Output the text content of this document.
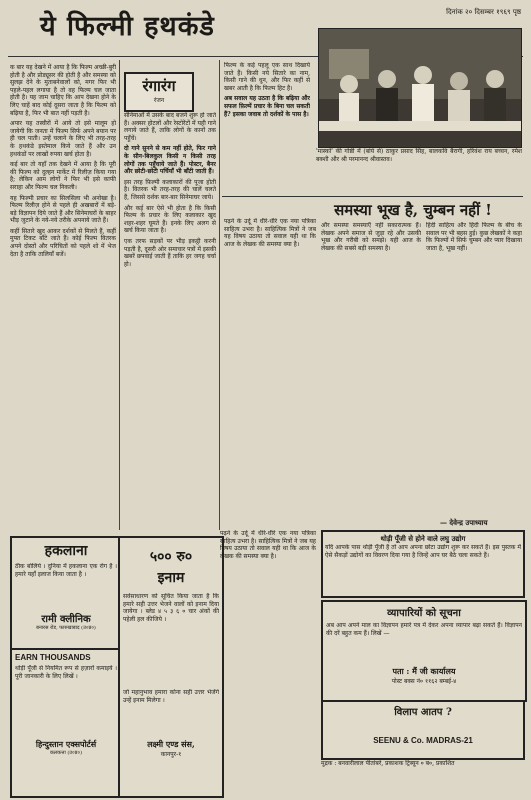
ये फिल्मी हथकंडे	दिनांक २० दिसम्बर १९६९ पृष्ठ

क बार यह देखने में आया है कि फिल्म अच्छी-बुरी होती है और प्रोड्यूसर की होती है और समस्या को सुलझ देने के मुताबनेवालों को, मगर फिर भी पहले-पहल लगाया है तो वह फिल्म चल जाता होती है। यह जाम चाहिए कि आप देखना होने के लिए चाहें बाद कोई दूसरा जाता है कि फिल्म को बढ़िया है, फिर भी बात नहीं पड़ती है।

अपार यह तस्वीरों में आये तो इसे मालूम हो जायेगी कि जनता में फिल्म सिर्फ अपने बयान पर ही चल पाती। उन्हें चलाने के लिए भी तरह-तरह के हथकंडे इस्तेमाल किये जाते हैं और उन हथकंडों पर लाखों रुपया खर्च होता है।

कई बार तो यहाँ तक देखने में आया है कि पूरी की फिल्म को दुल्हन मार्केट में रिलीज़ किया गया है; लेकिन आम लोगों ने फिर भी इसे काफी सराहा और फिल्म चल निकली।

यह फिल्मी प्रचार का सिलसिला भी अनोखा है। फिल्म रिलीज़ होने से पहले ही अखबारों में बड़े-बड़े विज्ञापन दिये जाते हैं और सिनेमाघरों के बाहर भीड़ जुटाने के नये-नये तरीके अपनाये जाते हैं।

कहीं सितारे खुद आकर दर्शकों से मिलते हैं, कहीं मुफ्त टिकट बाँटे जाते हैं। कोई फिल्म वितरक अपने दोस्तों और परिचितों को पहले शो में भेज देता है ताकि तालियाँ बजें।

रंगारंग
रंजन

सीनेमाओं में उसके बाद बजने शुरू हो जाते हैं। अक्सर होटलों और रेस्टोरेंटों में यही गाने लगाये जाते हैं, ताकि लोगों के कानों तक पहुँचें।

दो गाने सुनने से कम नहीं होते, फिर गाने के सीन-बिलकुल किसी न किसी तरह लोगों तक पहुँचाये जाते हैं। पोस्टर, बैनर और छोटी-छोटी पर्चियाँ भी बाँटी जाती हैं।

इस तरह फ़िल्मी कलाकारों की पूजा होती है। वितरक भी तरह-तरह की चालें चलते हैं, जिससे दर्शक बार-बार सिनेमाघर जाये।

और कई बार ऐसे भी होता है कि किसी फिल्म के प्रचार के लिए कलाकार खुद शहर-शहर घूमते हैं। इनके लिए अलग से खर्च किया जाता है।

एक तरफ सड़कों पर भीड़ इकट्ठी करनी पड़ती है, दूसरी ओर समाचार पत्रों में इसकी खबरें छपवाई जाती हैं ताकि हर जगह चर्चा हो।

फिल्म के कई पहलू एक साथ दिखाये जाते हैं। किसी नये सितारे का नाम, किसी गाने की धुन, और फिर कहीं से खबर आती है कि फिल्म हिट है।

अब सवाल यह उठता है कि बढ़िया और सफल फ़िल्में प्रचार के बिना चल सकती हैं? इसका जवाब तो दर्शकों के पास है।

'मास्को' की गोष्ठी में (बांये से) ठाकुर प्रसाद सिंह, बालकवि बैरागी, हरिवंश राय बच्चन, रमेश बक्शी और श्री परमानन्द श्रीवास्तव।
समस्या भूख है, चुम्बन नहीं !
पढ़ने के उर्दू में धीरे-धीरे एक नया पत्रिका साहित्य उभरा है। साहित्यिक मित्रों ने जब यह विषय उठाया तो सवाल यही था कि आज के लेखक की समस्या क्या है।
और समस्या समस्याएँ नहीं सकारात्मक हैं। लेखक अपने समाज से जुड़ा रहे और उसकी भूख और गरीबी को समझे। यही आज के लेखक की सबसे बड़ी समस्या है।
हिंदी साहित्य और हिंदी फिल्म के बीच के सवाल पर भी बहस हुई। कुछ लेखकों ने कहा कि फिल्मों में सिर्फ चुम्बन और प्यार दिखाया जाता है, भूख नहीं।
— देवेन्द्र उपाध्याय
थोड़ी पूँजी से होने वाले लघु उद्योग
यदि आपके पास थोड़ी पूँजी है तो आप अपना छोटा उद्योग शुरू कर सकते हैं। इस पुस्तक में ऐसे सैकड़ों उद्योगों का विवरण दिया गया है जिन्हें आप घर बैठे चला सकते हैं।
व्यापारियों को सूचना
अब आप अपने माल का विज्ञापन हमारे पत्र में देकर अपना व्यापार बढ़ा सकते हैं। विज्ञापन की दरें बहुत कम हैं। लिखें —
पता : मैं जी कार्यालय
पोस्ट बक्स नं० ११६२ बम्बई-४
विलाप आतप ?
SEENU & Co. MADRAS-21
मुद्रक : बनवारीलाल पीतांबरे, प्रकाशक ट्रिब्यून ० ब०, प्रकाशित
हकलाना
ठीक बोलिये । दुनिया में हकलाना एक रोग है । हमारे यहाँ इलाज किया जाता है ।
रामी क्लीनिक
बनारस रोड, फारुखाबाद (उ०प्र०)
EARN THOUSANDS
थोड़ी पूँजी से नियमित रूप से हज़ारों कमाइये । पूरी जानकारी के लिए लिखें ।
हिन्दुस्तान एक्सपोर्टर्स
कलकत्ता (उ०प्र०)
५०० रु०
इनाम
सर्वसाधारण को सूचित किया जाता है कि हमारे सही उत्तर भेजने वालों को इनाम दिया जायेगा । ब्लेड ४ ५ ३ ६ ० चार अंकों की पहेली हल कीजिये ।
जो महानुभाव हमारा कोना सही उत्तर भेजेंगे उन्हें इनाम मिलेगा ।
लक्ष्मी एण्ड संस,
कानपुर-१
पढ़ने के उर्दू में धीरे-धीरे एक नया पत्रिका साहित्य उभरा है। साहित्यिक मित्रों ने जब यह विषय उठाया तो सवाल यही था कि आज के लेखक की समस्या क्या है।
